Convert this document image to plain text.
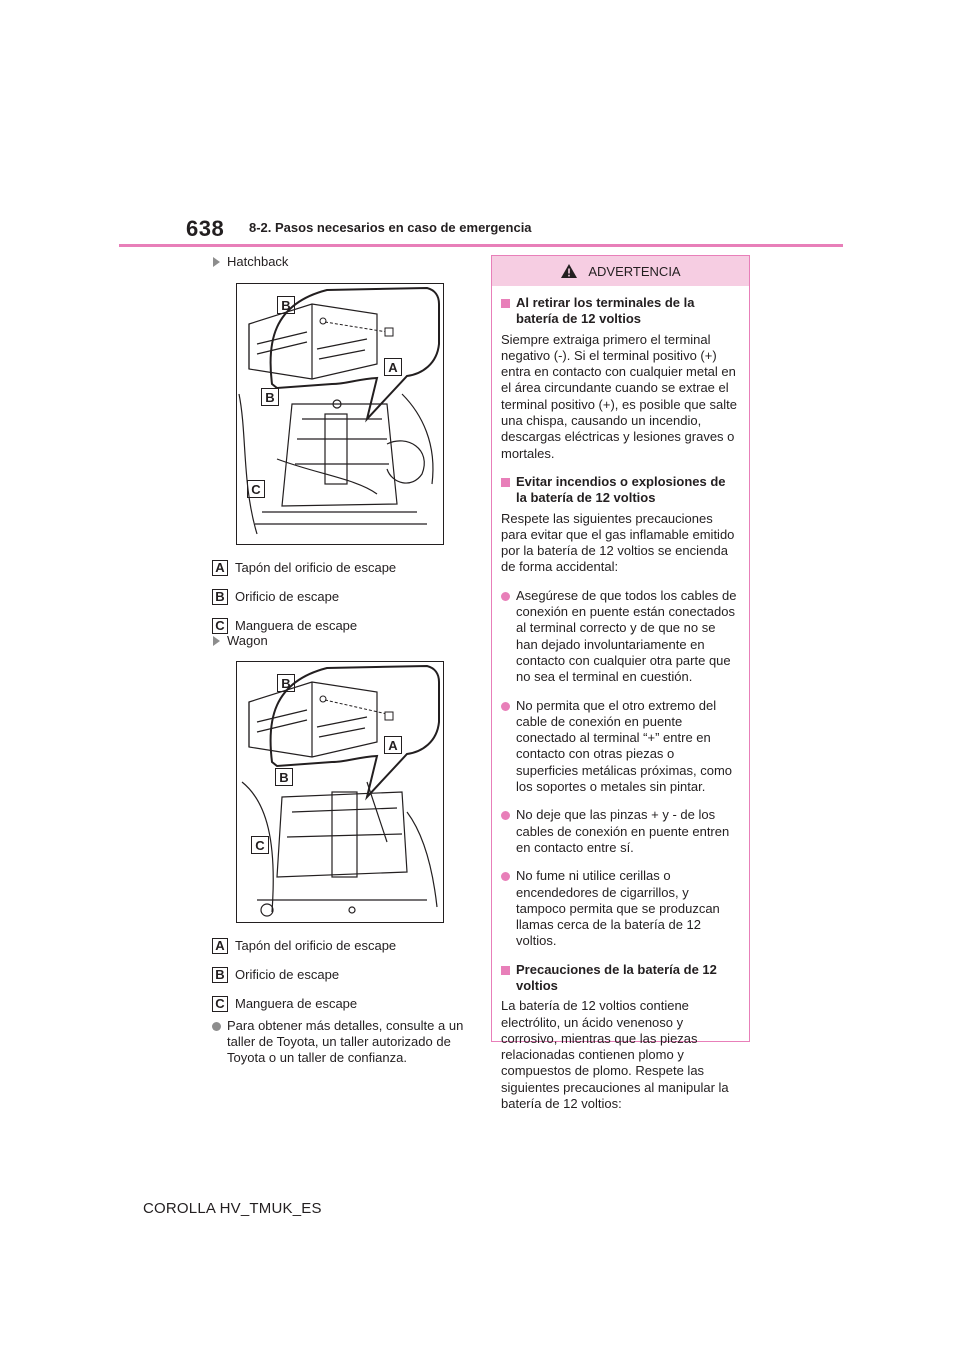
638 8-2. Pasos necesarios en caso de emergencia
Hatchback
B
A
B
C
A Tapón del orificio de escape
B Orificio de escape
C Manguera de escape
Wagon
B
A
B
C
A Tapón del orificio de escape
B Orificio de escape
C Manguera de escape
Para obtener más detalles, consulte a un taller de Toyota, un taller autorizado de Toyota o un taller de confianza.
ADVERTENCIA
Al retirar los terminales de la batería de 12 voltios
Siempre extraiga primero el terminal negativo (-). Si el terminal positivo (+) entra en contacto con cualquier metal en el área circundante cuando se extrae el terminal positivo (+), es posible que salte una chispa, causando un incendio, descargas eléctricas y lesiones graves o mortales.
Evitar incendios o explosiones de la batería de 12 voltios
Respete las siguientes precauciones para evitar que el gas inflamable emitido por la batería de 12 voltios se encienda de forma accidental:
Asegúrese de que todos los cables de conexión en puente están conectados al terminal correcto y de que no se han dejado involuntariamente en contacto con cualquier otra parte que no sea el terminal en cuestión.
No permita que el otro extremo del cable de conexión en puente conectado al terminal “+” entre en contacto con otras piezas o superficies metálicas próximas, como los soportes o metales sin pintar.
No deje que las pinzas + y - de los cables de conexión en puente entren en contacto entre sí.
No fume ni utilice cerillas o encendedores de cigarrillos, y tampoco permita que se produzcan llamas cerca de la batería de 12 voltios.
Precauciones de la batería de 12 voltios
La batería de 12 voltios contiene electrólito, un ácido venenoso y corrosivo, mientras que las piezas relacionadas contienen plomo y compuestos de plomo. Respete las siguientes precauciones al manipular la batería de 12 voltios:
COROLLA HV_TMUK_ES
